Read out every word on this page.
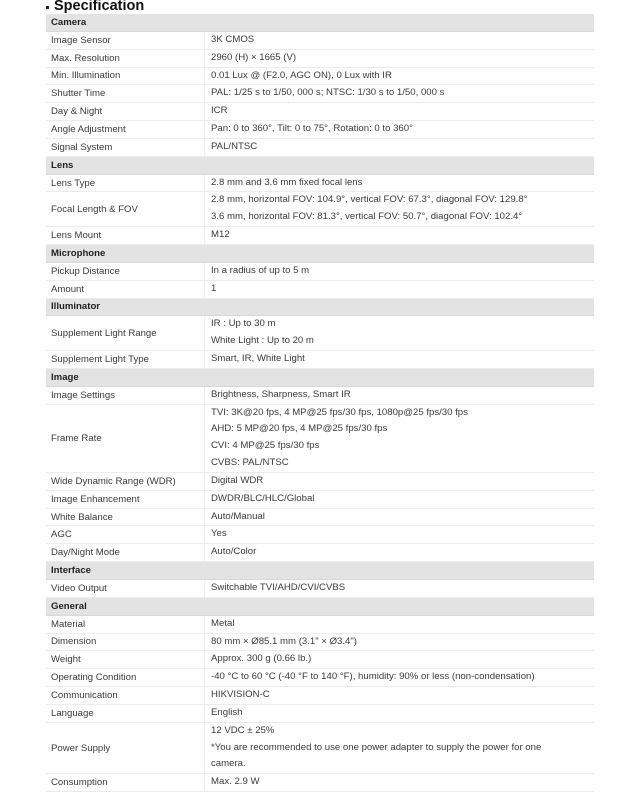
Specification
Camera	
Image Sensor	3K CMOS

Max. Resolution	2960 (H) × 1665 (V)

Min. Illumination	0.01 Lux @ (F2.0, AGC ON), 0 Lux with IR

Shutter Time	PAL: 1/25 s to 1/50, 000 s; NTSC: 1/30 s to 1/50, 000 s

Day & Night	ICR

Angle Adjustment	Pan: 0 to 360°, Tilt: 0 to 75°, Rotation: 0 to 360°

Signal System	PAL/NTSC

Lens	
Lens Type	2.8 mm and 3.6 mm fixed focal lens

Focal Length & FOV	2.8 mm, horizontal FOV: 104.9°, vertical FOV: 67.3°, diagonal FOV: 129.8°
3.6 mm, horizontal FOV: 81.3°, vertical FOV: 50.7°, diagonal FOV: 102.4°

Lens Mount	M12

Microphone	
Pickup Distance	In a radius of up to 5 m

Amount	1

Illuminator	
Supplement Light Range	IR : Up to 30 m
White Light : Up to 20 m

Supplement Light Type	Smart, IR, White Light

Image	
Image Settings	Brightness, Sharpness, Smart IR

Frame Rate	TVI: 3K@20 fps, 4 MP@25 fps/30 fps, 1080p@25 fps/30 fps
AHD: 5 MP@20 fps, 4 MP@25 fps/30 fps
CVI: 4 MP@25 fps/30 fps
CVBS: PAL/NTSC

Wide Dynamic Range (WDR)	Digital WDR

Image Enhancement	DWDR/BLC/HLC/Global

White Balance	Auto/Manual

AGC	Yes

Day/Night Mode	Auto/Color

Interface	
Video Output	Switchable TVI/AHD/CVI/CVBS

General	
Material	Metal

Dimension	80 mm × Ø85.1 mm (3.1" × Ø3.4")

Weight	Approx. 300 g (0.66 lb.)

Operating Condition	-40 °C to 60 °C (-40 °F to 140 °F), humidity: 90% or less (non-condensation)

Communication	HIKVISION-C

Language	English

Power Supply	12 VDC ± 25%
*You are recommended to use one power adapter to supply the power for one
camera.

Consumption	Max. 2.9 W
